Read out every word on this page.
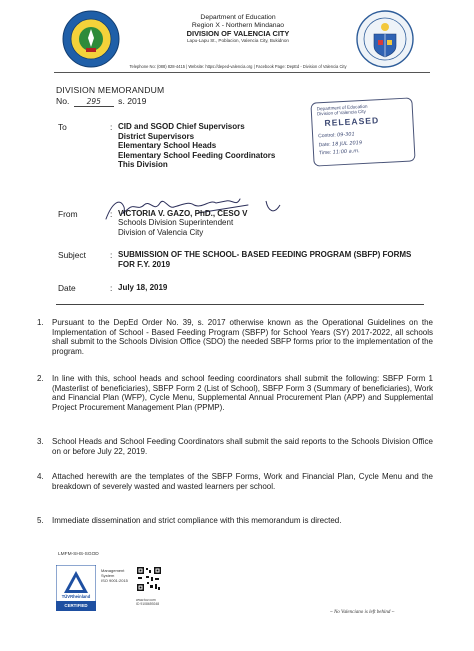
Department of Education
Region X - Northern Mindanao
DIVISION OF VALENCIA CITY
Lapu-Lapu St., Poblacion, Valencia City, Bukidnon
Telephone No: (088) 828-4415 | Website: https://deped-valencia.org | Facebook Page: DepEd - Division of Valencia City
DIVISION MEMORANDUM
No. 295 s. 2019
Department of Education
Division of Valencia City
RELEASED
Control: 09-301
Date: 18 JUL 2019
Time: 11:00 a.m.
To	: CID and SGOD Chief Supervisors
District Supervisors
Elementary School Heads
Elementary School Feeding Coordinators
This Division
From	: VICTORIA V. GAZO, PhD., CESO V
Schools Division Superintendent
Division of Valencia City
Subject	: SUBMISSION OF THE SCHOOL- BASED FEEDING PROGRAM (SBFP) FORMS FOR F.Y. 2019
Date	: July 18, 2019
1.	Pursuant to the DepEd Order No. 39, s. 2017 otherwise known as the Operational Guidelines on the Implementation of School - Based Feeding Program (SBFP) for School Years (SY) 2017-2022, all schools shall submit to the Schools Division Office (SDO) the needed SBFP forms prior to the implementation of the program.
2.	In line with this, school heads and school feeding coordinators shall submit the following: SBFP Form 1 (Masterlist of beneficiaries), SBFP Form 2 (List of School), SBFP Form 3 (Summary of beneficiaries), Work and Financial Plan (WFP), Cycle Menu, Supplemental Annual Procurement Plan (APP) and Supplemental Project Procurement Management Plan (PPMP).
3.	School Heads and School Feeding Coordinators shall submit the said reports to the Schools Division Office on or before July 22, 2019.
4.	Attached herewith are the templates of the SBFP Forms, Work and Financial Plan, Cycle Menu and the breakdown of severely wasted and wasted learners per school.
5.	Immediate dissemination and strict compliance with this memorandum is directed.
LMFM-SHS-SGOD
TÜVRheinland
CERTIFIED
Management
System
ISO 9001:2015
www.tuv.com
ID 9108659248
~ No Valenciano is left behind ~
